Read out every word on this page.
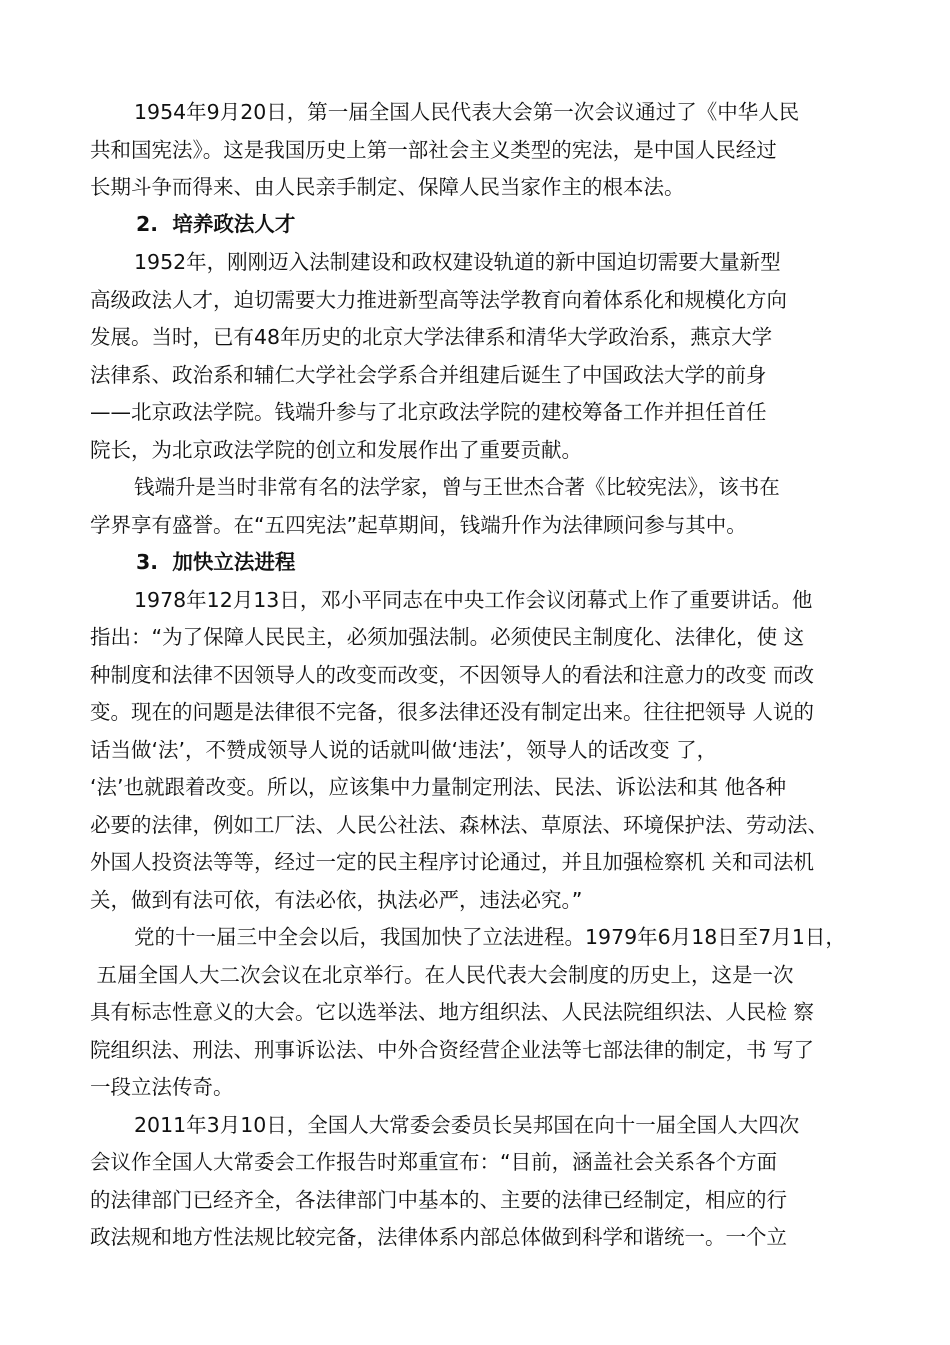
1954年9月20日，第一届全国人民代表大会第一次会议通过了《中华人民
共和国宪法》。这是我国历史上第一部社会主义类型的宪法，是中国人民经过
长期斗争而得来、由人民亲手制定、保障人民当家作主的根本法。
2.  培养政法人才
1952年，刚刚迈入法制建设和政权建设轨道的新中国迫切需要大量新型
高级政法人才，迫切需要大力推进新型高等法学教育向着体系化和规模化方向
发展。当时，已有48年历史的北京大学法律系和清华大学政治系，燕京大学
法律系、政治系和辅仁大学社会学系合并组建后诞生了中国政法大学的前身
——北京政法学院。钱端升参与了北京政法学院的建校筹备工作并担任首任
院长，为北京政法学院的创立和发展作出了重要贡献。
钱端升是当时非常有名的法学家，曾与王世杰合著《比较宪法》，该书在
学界享有盛誉。在“五四宪法”起草期间，钱端升作为法律顾问参与其中。
3.  加快立法进程
1978年12月13日，邓小平同志在中央工作会议闭幕式上作了重要讲话。他
指出：“为了保障人民民主，必须加强法制。必须使民主制度化、法律化，使 这
种制度和法律不因领导人的改变而改变，不因领导人的看法和注意力的改变 而改
变。现在的问题是法律很不完备，很多法律还没有制定出来。往往把领导 人说的
话当做‘法’，不赞成领导人说的话就叫做‘违法’，领导人的话改变 了，
‘法’也就跟着改变。所以，应该集中力量制定刑法、民法、诉讼法和其 他各种
必要的法律，例如工厂法、人民公社法、森林法、草原法、环境保护法、劳动法、
外国人投资法等等，经过一定的民主程序讨论通过，并且加强检察机 关和司法机
关，做到有法可依，有法必依，执法必严，违法必究。”
党的十一届三中全会以后，我国加快了立法进程。1979年6月18日至7月1日，
五届全国人大二次会议在北京举行。在人民代表大会制度的历史上，这是一次
具有标志性意义的大会。它以选举法、地方组织法、人民法院组织法、人民检 察
院组织法、刑法、刑事诉讼法、中外合资经营企业法等七部法律的制定，书 写了
一段立法传奇。
2011年3月10日，全国人大常委会委员长吴邦国在向十一届全国人大四次
会议作全国人大常委会工作报告时郑重宣布：“目前，涵盖社会关系各个方面
的法律部门已经齐全，各法律部门中基本的、主要的法律已经制定，相应的行
政法规和地方性法规比较完备，法律体系内部总体做到科学和谐统一。一个立
